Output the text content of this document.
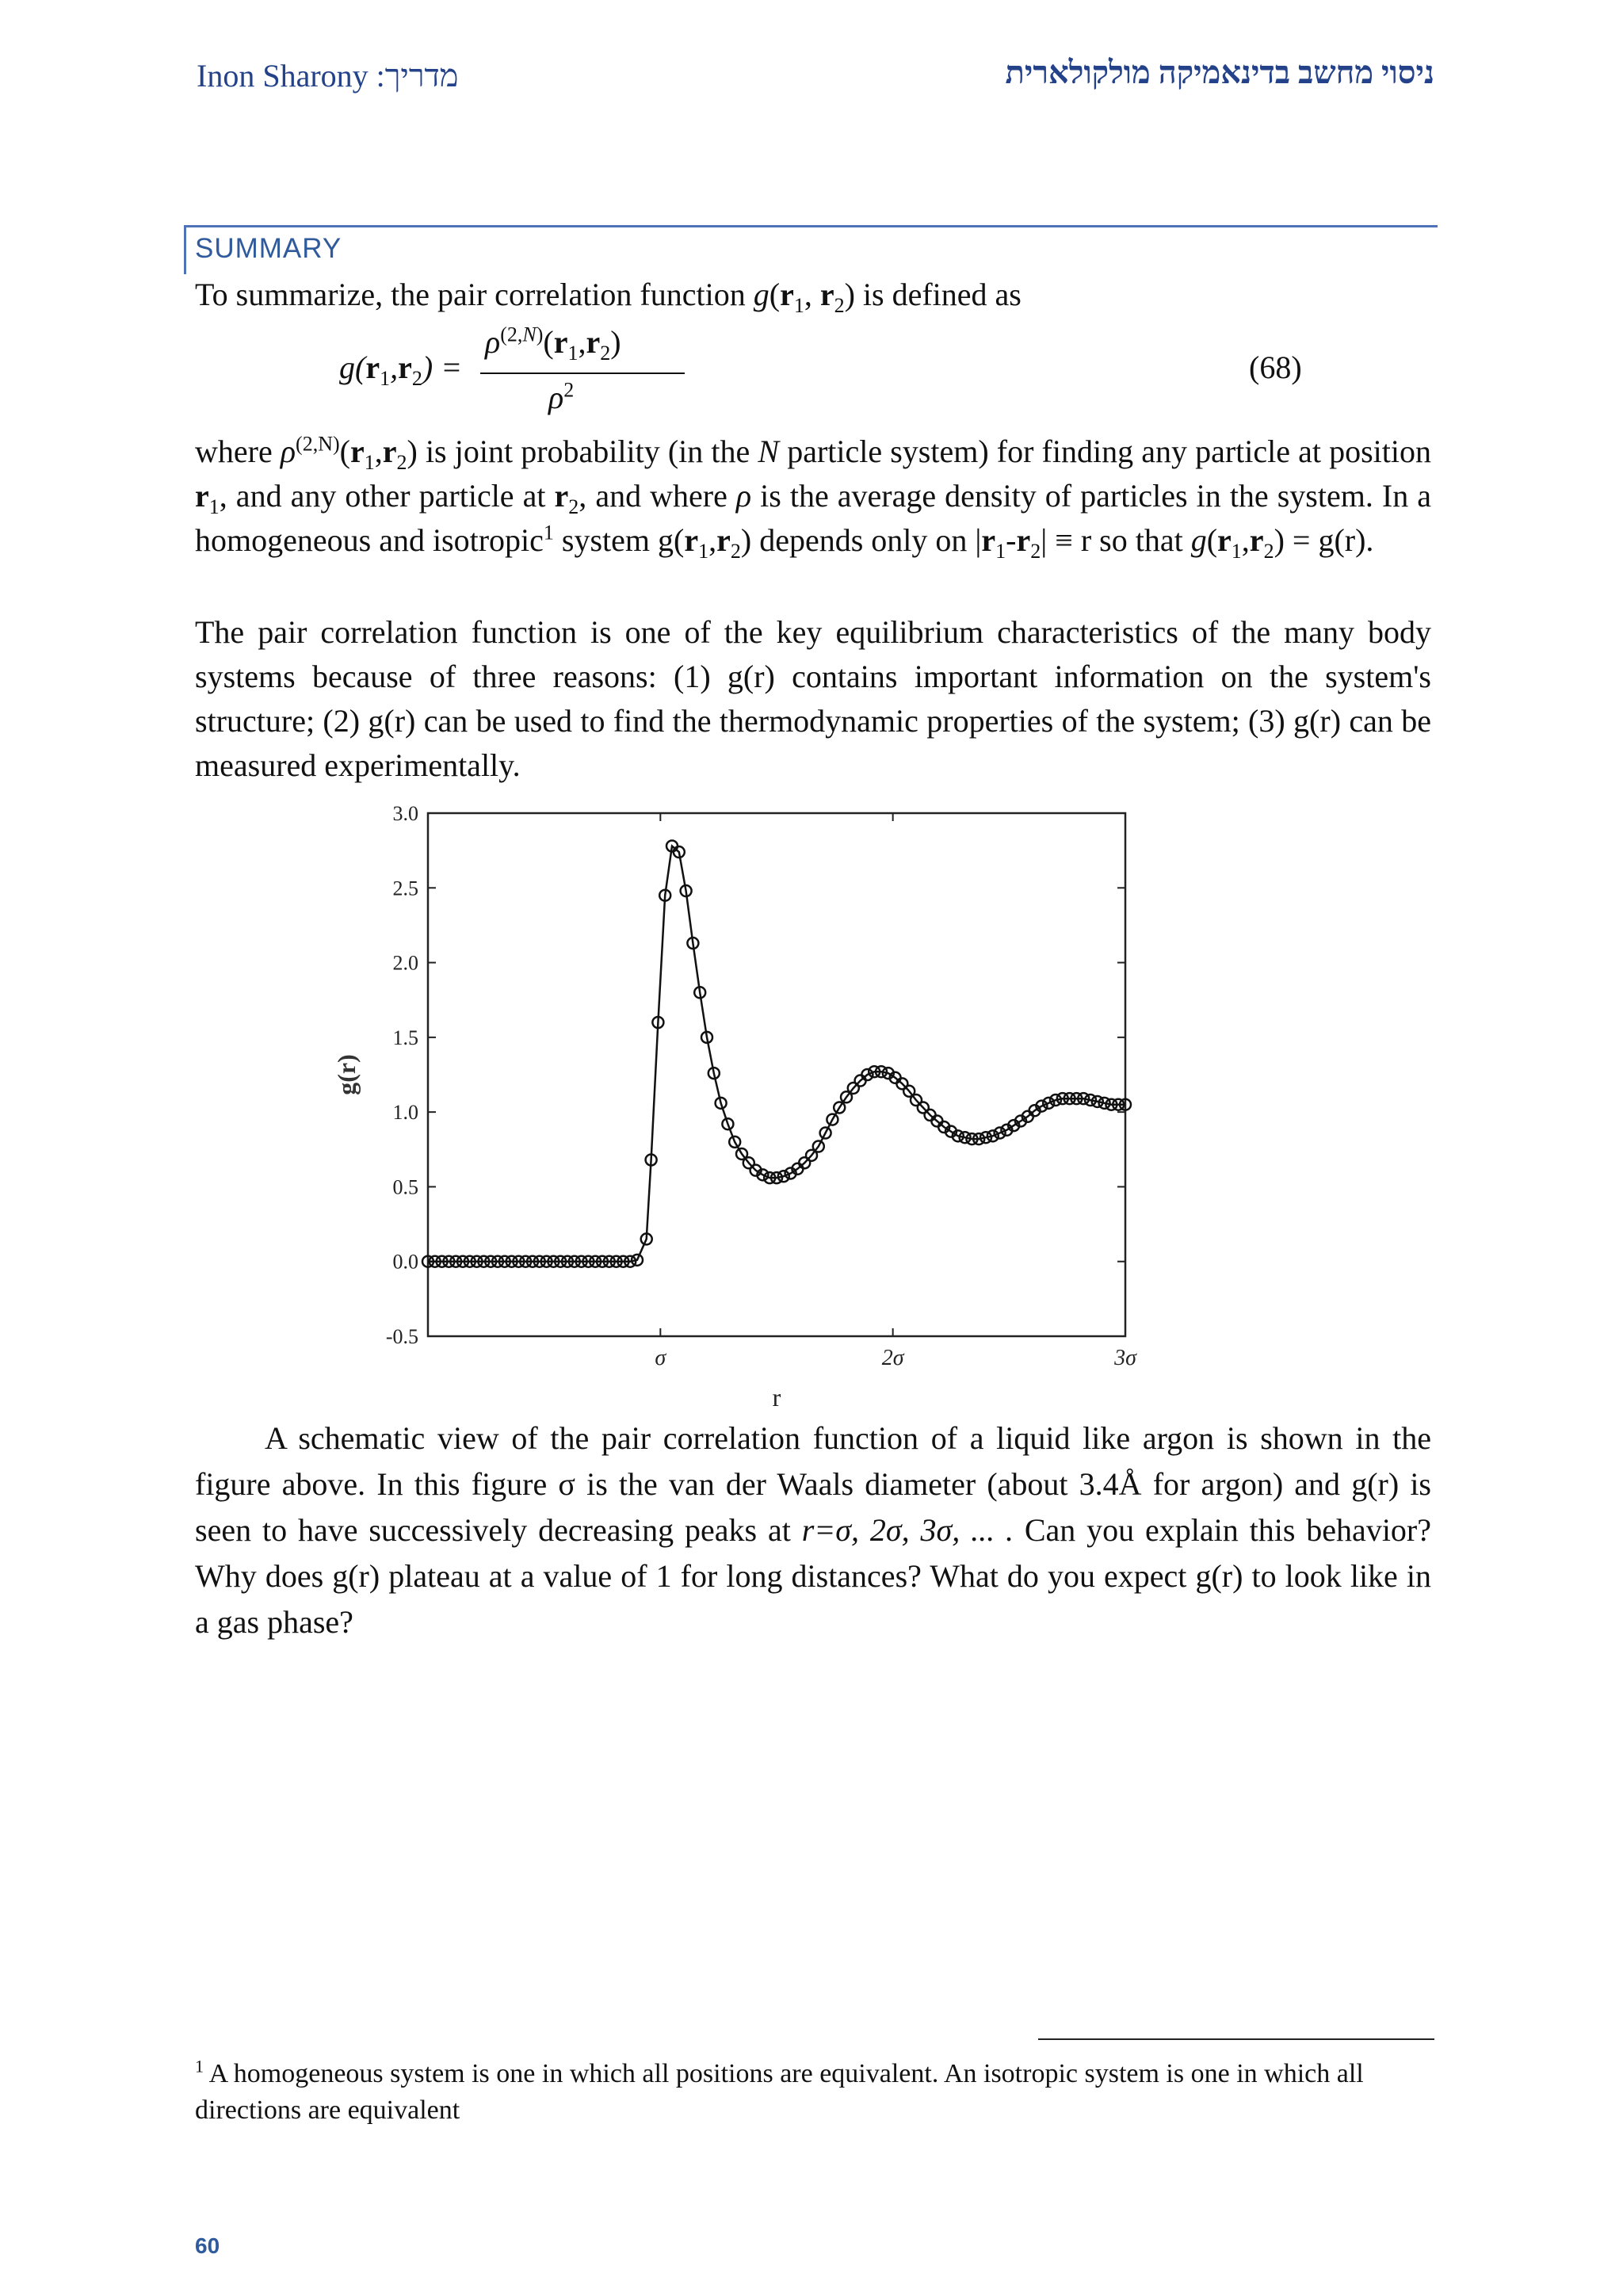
Inon Sharony :מדריך	ניסוי מחשב בדינאמיקה מולקולארית
SUMMARY
To summarize, the pair correlation function $g(r_1$, $r_2$) is defined as
$g(r_1,r_2)$ =
$\rho^{(2,N)}(r_1,r_2)$
$\rho^2$
(68)
where $\rho^{(2,N)}(r_1,r_2)$ is joint probability (in the N particle system) for finding any particle at position $r_1$, and any other particle at $r_2$, and where ρ is the average density of particles in the system. In a homogeneous and isotropic$^1$ system $g(r_1,r_2)$ depends only on $|r_1-r_2| \equiv r$ so that $g(r_1,r_2) = g(r)$.
The pair correlation function is one of the key equilibrium characteristics of the many body systems because of three reasons: (1) g(r) contains important information on the system's structure; (2) g(r) can be used to find the thermodynamic properties of the system; (3) g(r) can be measured experimentally.
-0.5
0.0
0.5
1.0
1.5
2.0
2.5
3.0
σ	2σ	3σ
r
g(r)
A schematic view of the pair correlation function of a liquid like argon is shown in the figure above. In this figure σ is the van der Waals diameter (about 3.4Å for argon) and g(r) is seen to have successively decreasing peaks at r=σ, 2σ, 3σ, ... . Can you explain this behavior? Why does g(r) plateau at a value of 1 for long distances? What do you expect g(r) to look like in a gas phase?
$^1$ A homogeneous system is one in which all positions are equivalent. An isotropic system is one in which all directions are equivalent
60
